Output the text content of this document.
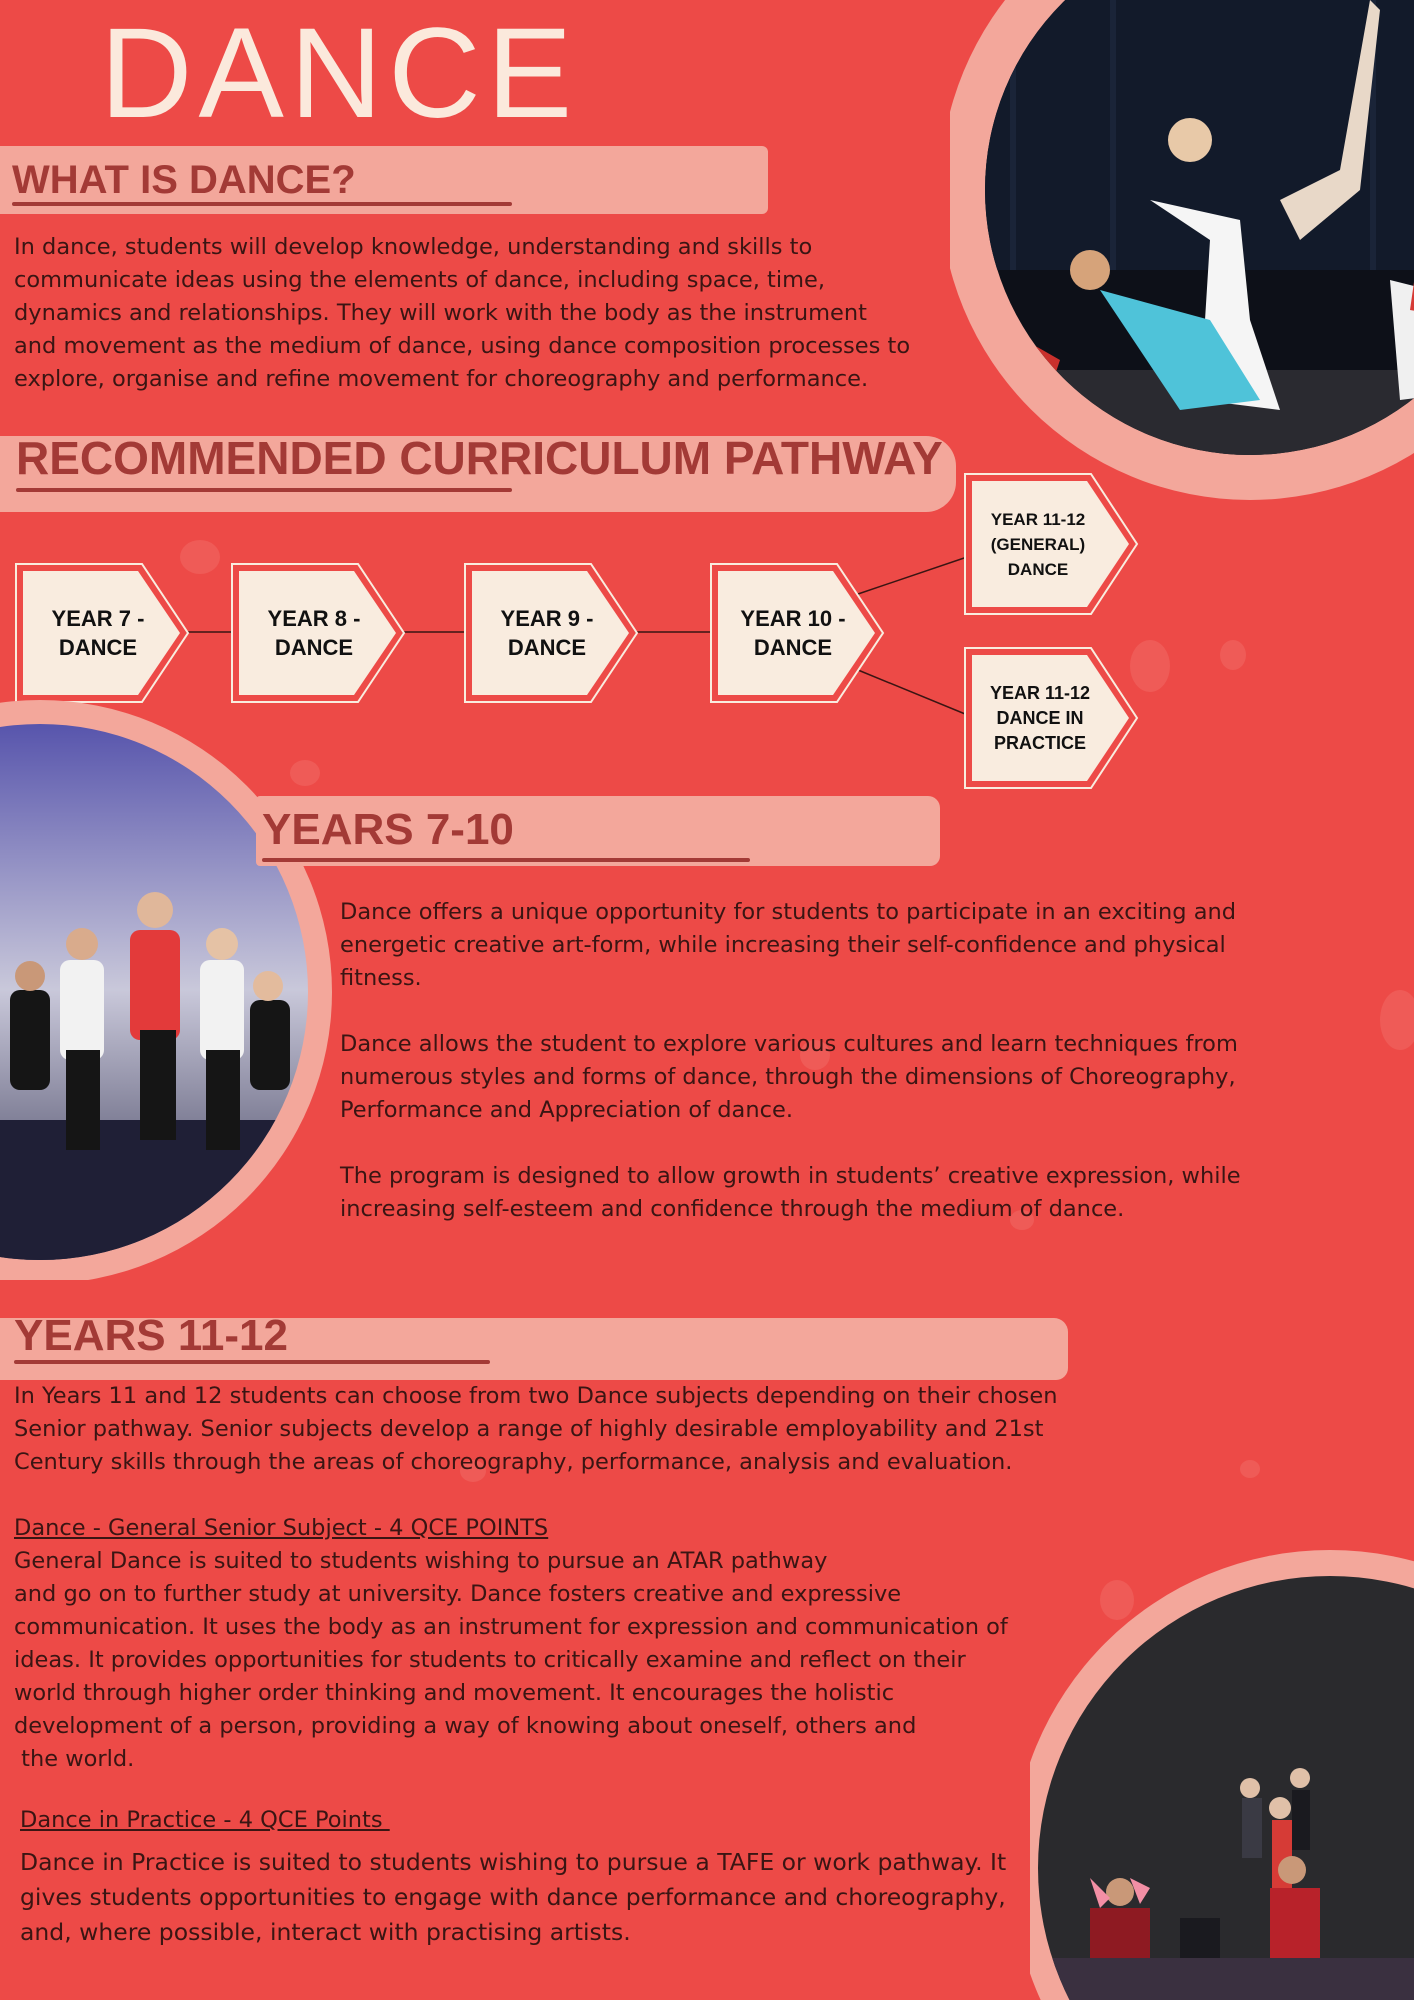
DANCE
WHAT IS DANCE?
In dance, students will develop knowledge, understanding and skills to
communicate ideas using the elements of dance, including space, time,
dynamics and relationships. They will work with the body as the instrument
and movement as the medium of dance, using dance composition processes to
explore, organise and refine movement for choreography and performance.
RECOMMENDED CURRICULUM PATHWAY
YEAR 7 -
DANCE
YEAR 8 -
DANCE
YEAR 9 -
DANCE
YEAR 10 -
DANCE
YEAR 11-12
(GENERAL)
DANCE
YEAR 11-12
DANCE IN
PRACTICE
YEARS 7-10
Dance offers a unique opportunity for students to participate in an exciting and
energetic creative art-form, while increasing their self-confidence and physical
fitness.
Dance allows the student to explore various cultures and learn techniques from
numerous styles and forms of dance, through the dimensions of Choreography,
Performance and Appreciation of dance.
The program is designed to allow growth in students’ creative expression, while
increasing self-esteem and confidence through the medium of dance.
YEARS 11-12
In Years 11 and 12 students can choose from two Dance subjects depending on their chosen
Senior pathway. Senior subjects develop a range of highly desirable employability and 21st
Century skills through the areas of choreography, performance, analysis and evaluation.
Dance - General Senior Subject - 4 QCE POINTS
General Dance is suited to students wishing to pursue an ATAR pathway
and go on to further study at university. Dance fosters creative and expressive
communication. It uses the body as an instrument for expression and communication of
ideas. It provides opportunities for students to critically examine and reflect on their
world through higher order thinking and movement. It encourages the holistic
development of a person, providing a way of knowing about oneself, others and
the world.
Dance in Practice - 4 QCE Points
Dance in Practice is suited to students wishing to pursue a TAFE or work pathway. It
gives students opportunities to engage with dance performance and choreography,
and, where possible, interact with practising artists.
